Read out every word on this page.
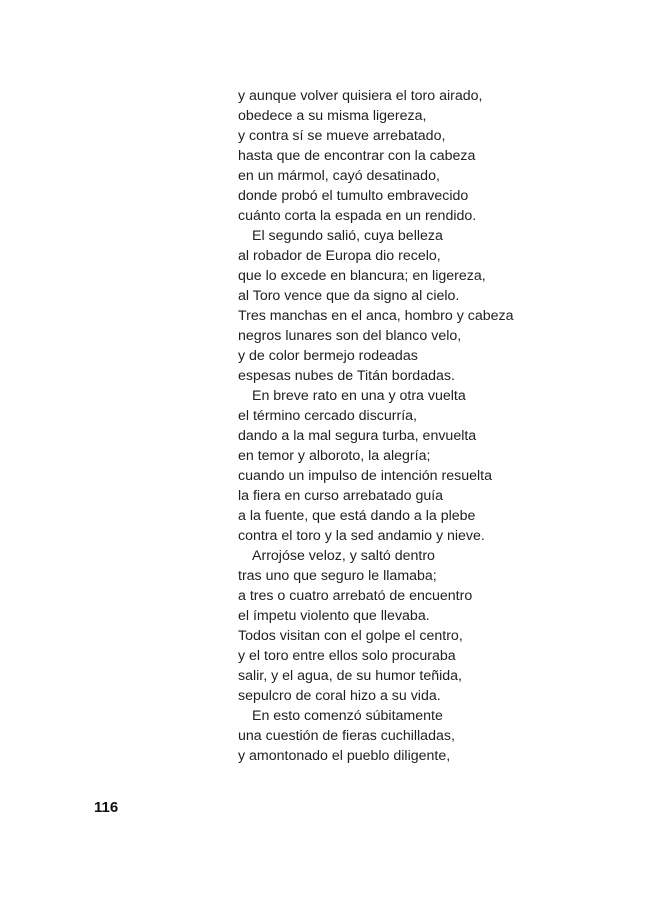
y aunque volver quisiera el toro airado,
obedece a su misma ligereza,
y contra sí se mueve arrebatado,
hasta que de encontrar con la cabeza
en un mármol, cayó desatinado,
donde probó el tumulto embravecido
cuánto corta la espada en un rendido.
El segundo salió, cuya belleza
al robador de Europa dio recelo,
que lo excede en blancura; en ligereza,
al Toro vence que da signo al cielo.
Tres manchas en el anca, hombro y cabeza
negros lunares son del blanco velo,
y de color bermejo rodeadas
espesas nubes de Titán bordadas.
En breve rato en una y otra vuelta
el término cercado discurría,
dando a la mal segura turba, envuelta
en temor y alboroto, la alegría;
cuando un impulso de intención resuelta
la fiera en curso arrebatado guía
a la fuente, que está dando a la plebe
contra el toro y la sed andamio y nieve.
Arrojóse veloz, y saltó dentro
tras uno que seguro le llamaba;
a tres o cuatro arrebató de encuentro
el ímpetu violento que llevaba.
Todos visitan con el golpe el centro,
y el toro entre ellos solo procuraba
salir, y el agua, de su humor teñida,
sepulcro de coral hizo a su vida.
En esto comenzó súbitamente
una cuestión de fieras cuchilladas,
y amontonado el pueblo diligente,
116
